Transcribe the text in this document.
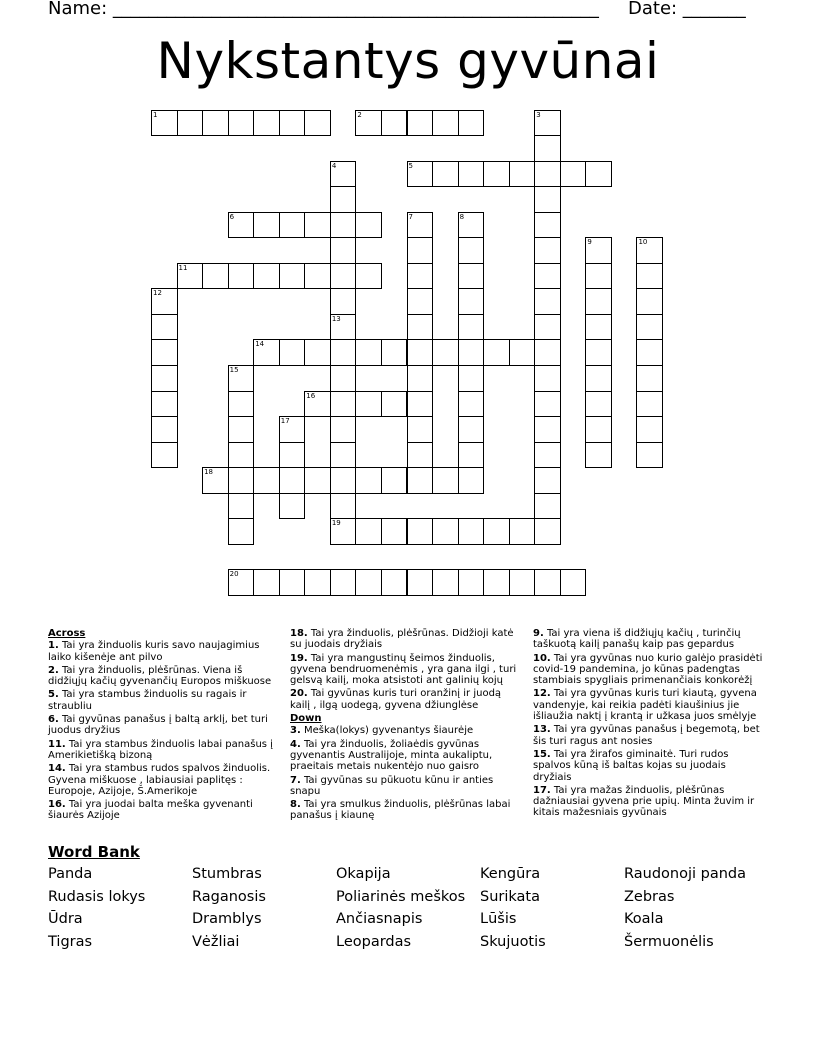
Name: ______________________________________________________ Date: _______
Nykstantys gyvūnai
1	2
5
6
11
14
16
18
19
20
3
4
7	8
9	10
12
13
15
17
Across
1. Tai yra žinduolis kuris savo naujagimius laiko kišenėje ant pilvo
2. Tai yra žinduolis, plėšrūnas. Viena iš didžiųjų kačių gyvenančių Europos miškuose
5. Tai yra stambus žinduolis su ragais ir straubliu
6. Tai gyvūnas panašus į baltą arklį, bet turi juodus dryžius
11. Tai yra stambus žinduolis labai panašus į Amerikietišką bizoną
14. Tai yra stambus rudos spalvos žinduolis. Gyvena miškuose , labiausiai paplitęs : Europoje, Azijoje, Š.Amerikoje
16. Tai yra juodai balta meška gyvenanti šiaurės Azijoje
18. Tai yra žinduolis, plėšrūnas. Didžioji katė su juodais dryžiais
19. Tai yra mangustinų šeimos žinduolis, gyvena bendruomenėmis , yra gana ilgi , turi gelsvą kailį, moka atsistoti ant galinių kojų
20. Tai gyvūnas kuris turi oranžinį ir juodą kailį , ilgą uodegą, gyvena džiunglėse
Down
3. Meška(lokys) gyvenantys šiaurėje
4. Tai yra žinduolis, žoliaėdis gyvūnas gyvenantis Australijoje, minta aukaliptu, praeitais metais nukentėjo nuo gaisro
7. Tai gyvūnas su pūkuotu kūnu ir anties snapu
8. Tai yra smulkus žinduolis, plėšrūnas labai panašus į kiaunę
9. Tai yra viena iš didžiųjų kačių , turinčių taškuotą kailį panašų kaip pas gepardus
10. Tai yra gyvūnas nuo kurio galėjo prasidėti covid-19 pandemina, jo kūnas padengtas stambiais spygliais primenančiais konkorėžį
12. Tai yra gyvūnas kuris turi kiautą, gyvena vandenyje, kai reikia padėti kiaušinius jie išliaužia naktį į krantą ir užkasa juos smėlyje
13. Tai yra gyvūnas panašus į begemotą, bet šis turi ragus ant nosies
15. Tai yra žirafos giminaitė. Turi rudos spalvos kūną iš baltas kojas su juodais dryžiais
17. Tai yra mažas žinduolis, plėšrūnas dažniausiai gyvena prie upių. Minta žuvim ir kitais mažesniais gyvūnais
Word Bank
Panda	Stumbras	Okapija	Kengūra	Raudonoji panda
Rudasis lokys	Raganosis	Poliarinės meškos	Surikata	Zebras
Ūdra	Dramblys	Ančiasnapis	Lūšis	Koala
Tigras	Vėžliai	Leopardas	Skujuotis	Šermuonėlis
